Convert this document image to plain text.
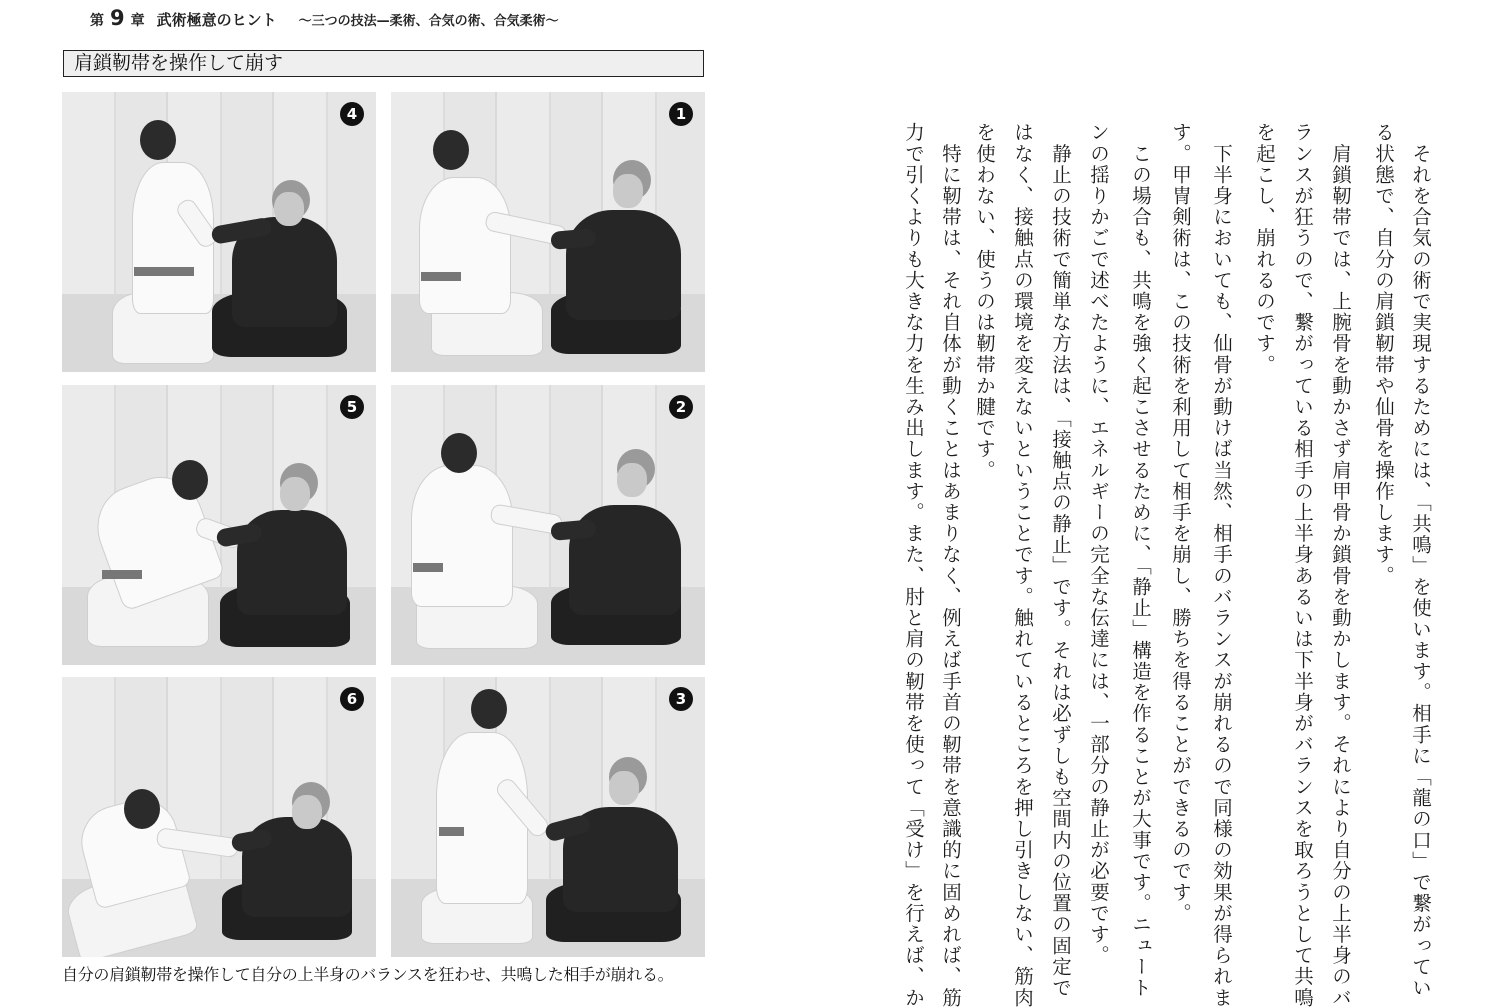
第 9 章 武術極意のヒント 〜三つの技法—柔術、合気の術、合気柔術〜
肩鎖靭帯を操作して崩す
4	1
5	2
6	3
自分の肩鎖靭帯を操作して自分の上半身のバランスを狂わせ、共鳴した相手が崩れる。	　それを合気の術で実現するためには、「共鳴」を使います。相手に「龍の口」で繋がってい
る状態で、自分の肩鎖靭帯や仙骨を操作します。
　肩鎖靭帯では、上腕骨を動かさず肩甲骨か鎖骨を動かします。それにより自分の上半身のバ
ランスが狂うので、繋がっている相手の上半身あるいは下半身がバランスを取ろうとして共鳴
を起こし、崩れるのです。
　下半身においても、仙骨が動けば当然、相手のバランスが崩れるので同様の効果が得られま
す。甲冑剣術は、この技術を利用して相手を崩し、勝ちを得ることができるのです。
　この場合も、共鳴を強く起こさせるために、「静止」構造を作ることが大事です。ニュート
ンの揺りかごで述べたように、エネルギーの完全な伝達には、一部分の静止が必要です。
　静止の技術で簡単な方法は、「接触点の静止」です。それは必ずしも空間内の位置の固定で
はなく、接触点の環境を変えないということです。触れているところを押し引きしない、筋肉
を使わない、使うのは靭帯か腱です。
　特に靭帯は、それ自体が動くことはあまりなく、例えば手首の靭帯を意識的に固めれば、筋
力で引くよりも大きな力を生み出します。また、肘と肩の靭帯を使って「受け」を行えば、か
